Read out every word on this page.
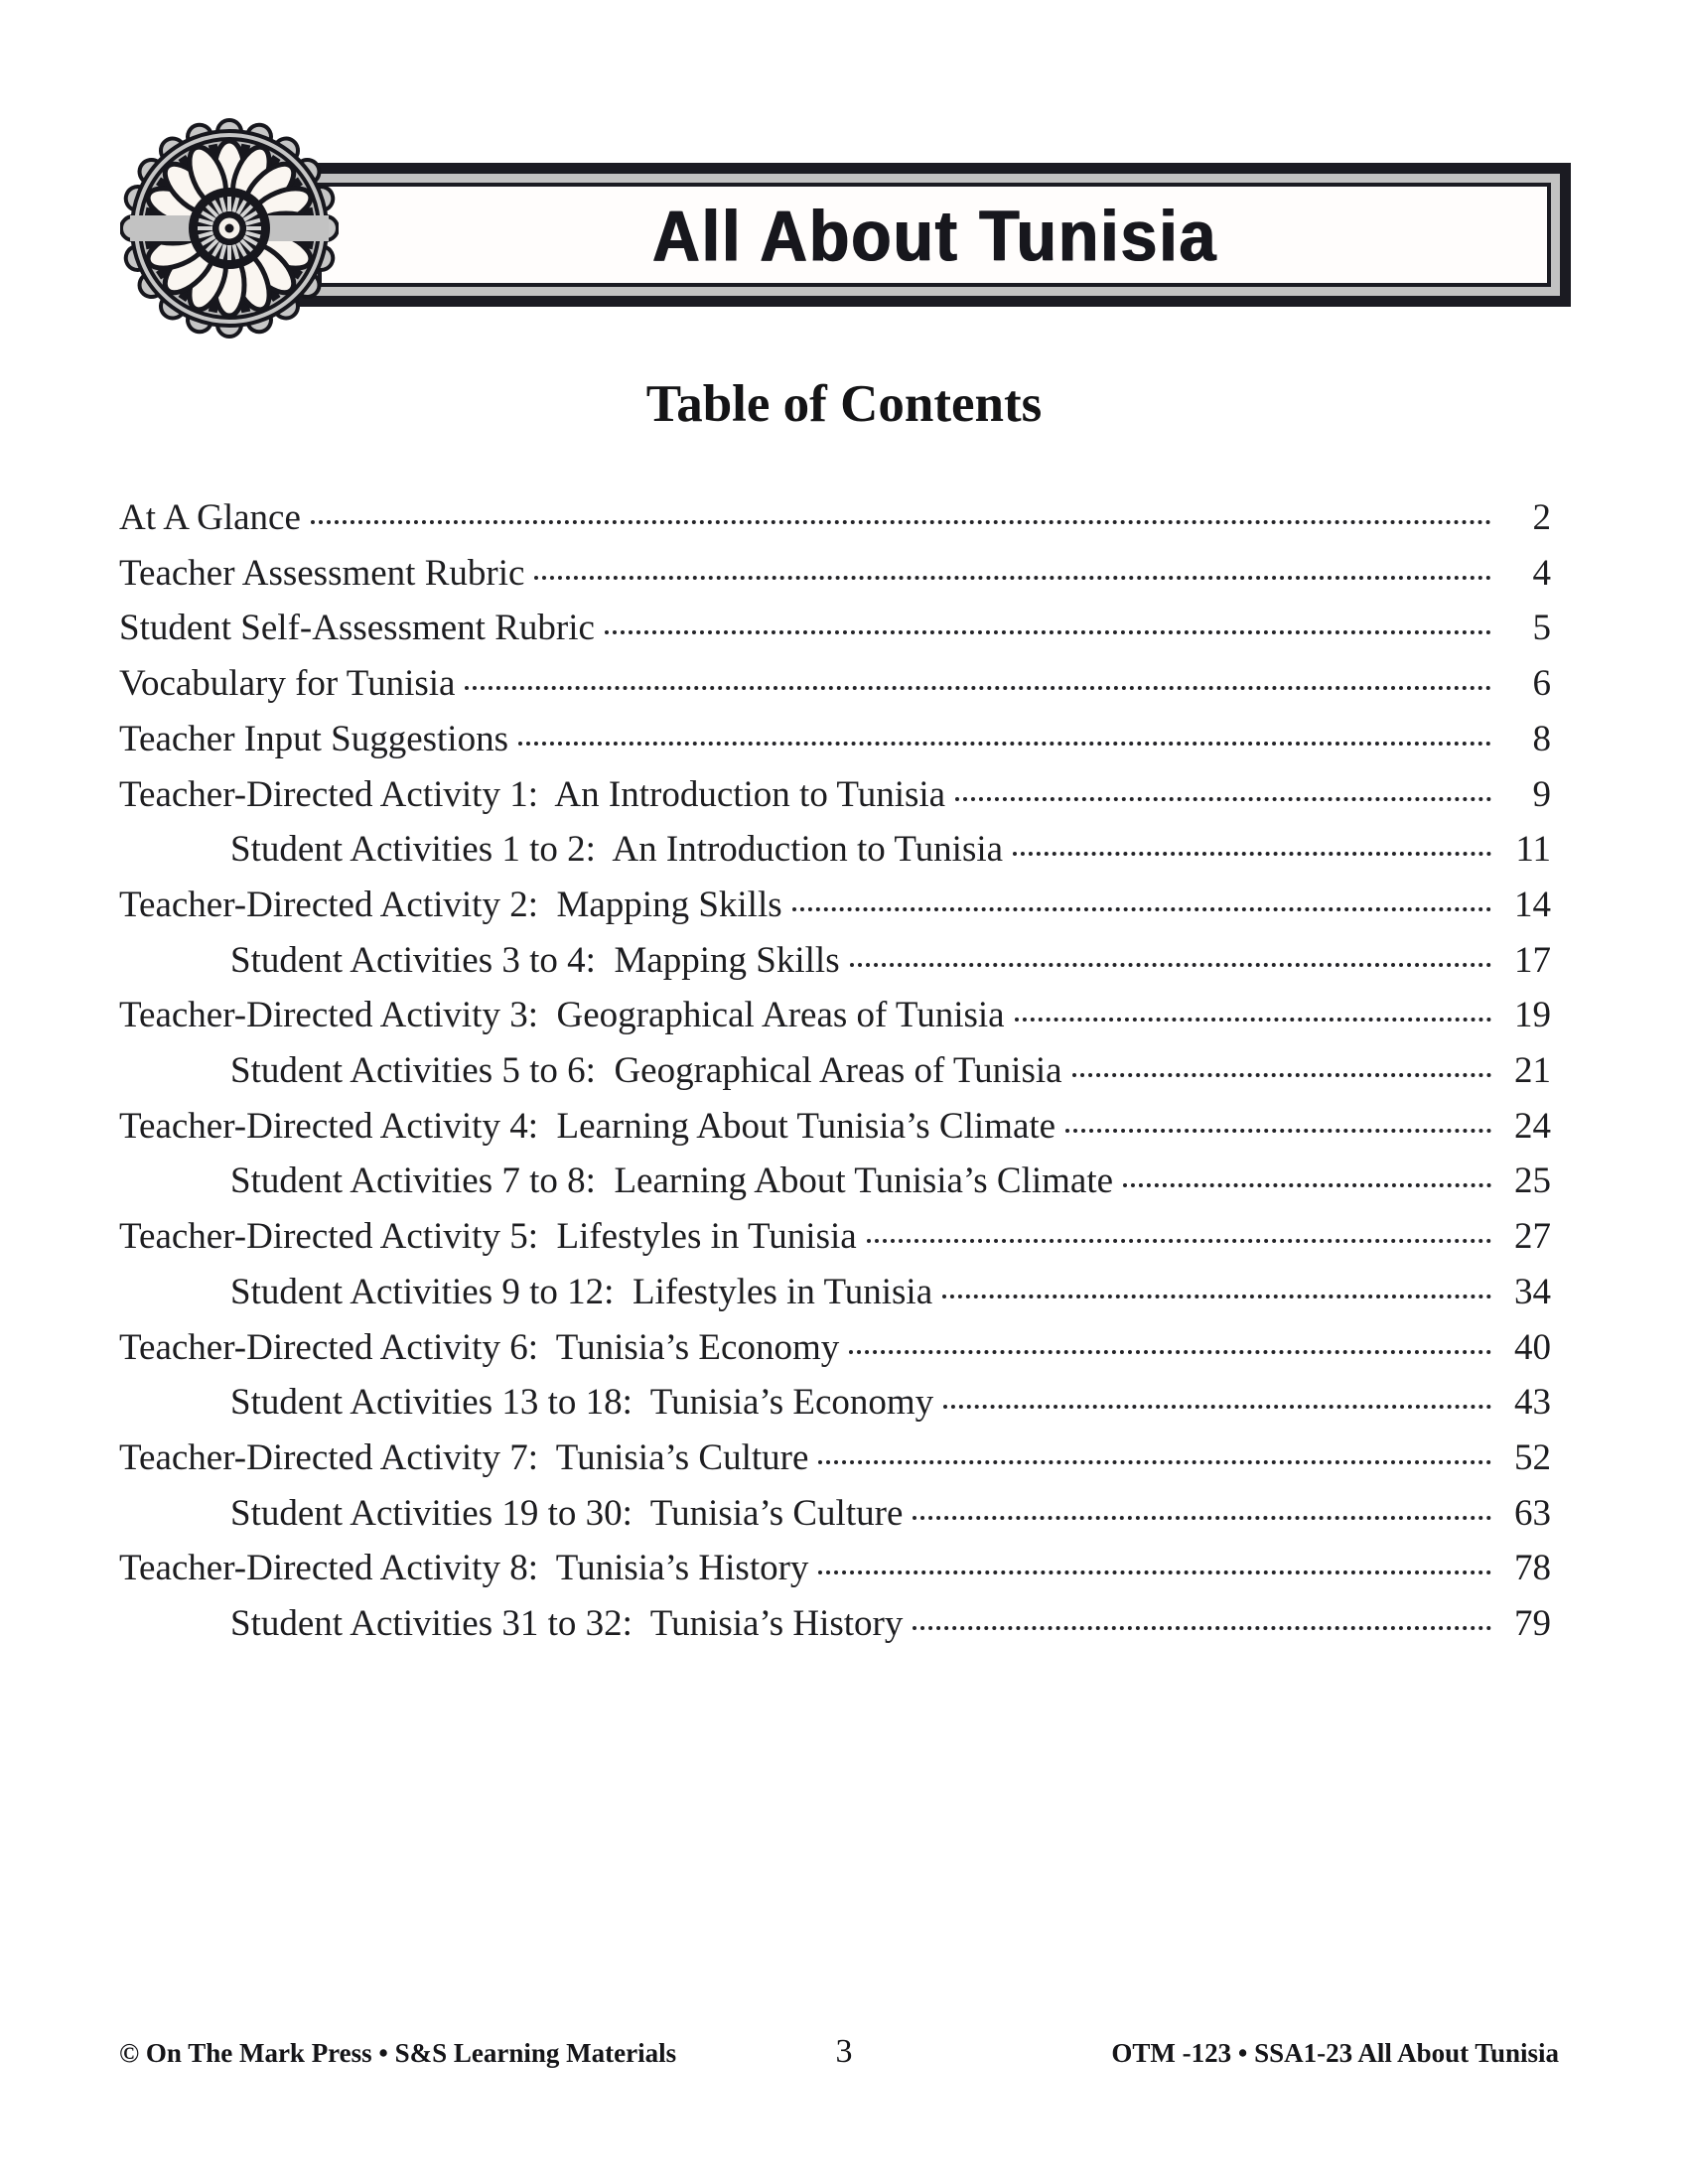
All About Tunisia
Table of Contents
At A Glance	2
Teacher Assessment Rubric	4
Student Self-Assessment Rubric	5
Vocabulary for Tunisia	6
Teacher Input Suggestions	8
Teacher-Directed Activity 1:  An Introduction to Tunisia	9
Student Activities 1 to 2:  An Introduction to Tunisia	11
Teacher-Directed Activity 2:  Mapping Skills	14
Student Activities 3 to 4:  Mapping Skills	17
Teacher-Directed Activity 3:  Geographical Areas of Tunisia	19
Student Activities 5 to 6:  Geographical Areas of Tunisia	21
Teacher-Directed Activity 4:  Learning About Tunisia’s Climate	24
Student Activities 7 to 8:  Learning About Tunisia’s Climate	25
Teacher-Directed Activity 5:  Lifestyles in Tunisia	27
Student Activities 9 to 12:  Lifestyles in Tunisia	34
Teacher-Directed Activity 6:  Tunisia’s Economy	40
Student Activities 13 to 18:  Tunisia’s Economy	43
Teacher-Directed Activity 7:  Tunisia’s Culture	52
Student Activities 19 to 30:  Tunisia’s Culture	63
Teacher-Directed Activity 8:  Tunisia’s History	78
Student Activities 31 to 32:  Tunisia’s History	79
© On The Mark Press • S&S Learning Materials	OTM -123 • SSA1-23 All About Tunisia
3
